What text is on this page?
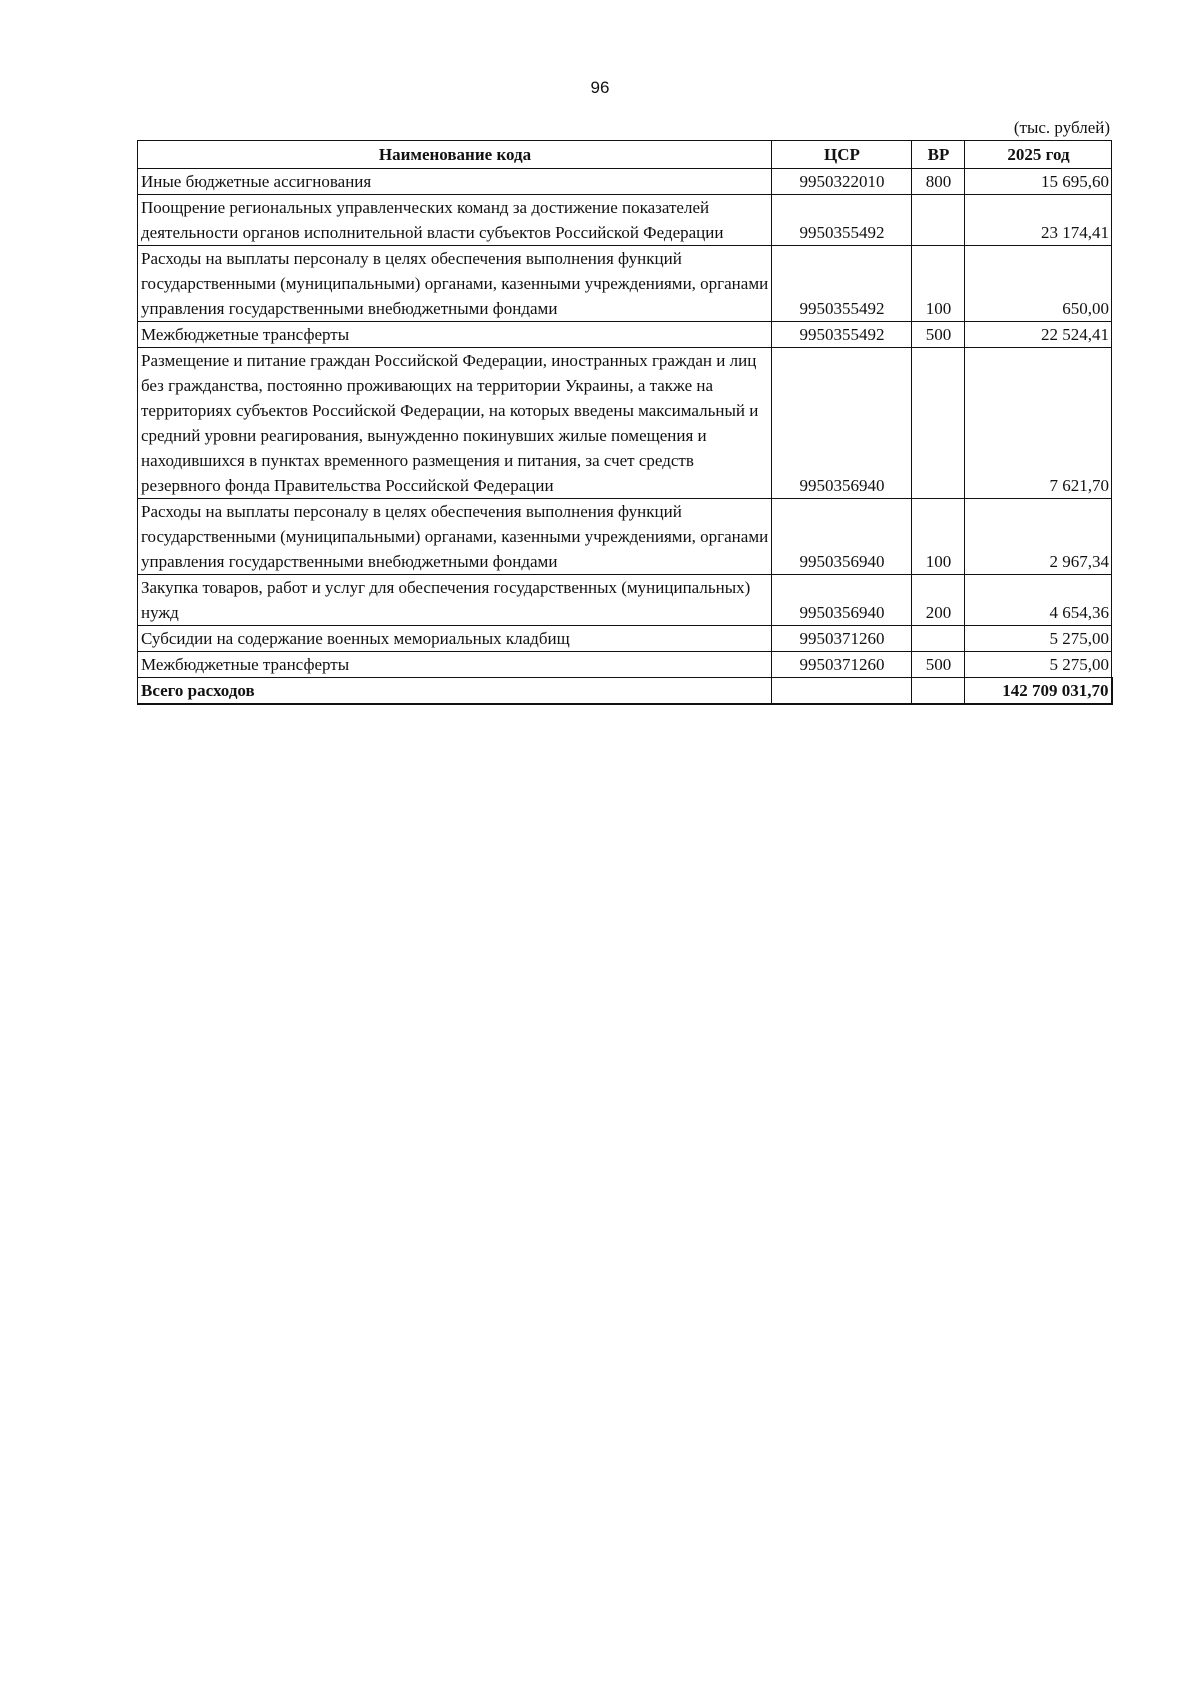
96
(тыс. рублей)
Наименование кода	ЦСР	ВР	2025 год
Иные бюджетные ассигнования	9950322010	800	15 695,60
Поощрение региональных управленческих команд за достижение показателей деятельности органов исполнительной власти субъектов Российской Федерации	9950355492		23 174,41
Расходы на выплаты персоналу в целях обеспечения выполнения функций государственными (муниципальными) органами, казенными учреждениями, органами управления государственными внебюджетными фондами	9950355492	100	650,00
Межбюджетные трансферты	9950355492	500	22 524,41
Размещение и питание граждан Российской Федерации, иностранных граждан и лиц без гражданства, постоянно проживающих на территории Украины, а также на территориях субъектов Российской Федерации, на которых введены максимальный и средний уровни реагирования, вынужденно покинувших жилые помещения и находившихся в пунктах временного размещения и питания, за счет средств резервного фонда Правительства Российской Федерации	9950356940		7 621,70
Расходы на выплаты персоналу в целях обеспечения выполнения функций государственными (муниципальными) органами, казенными учреждениями, органами управления государственными внебюджетными фондами	9950356940	100	2 967,34
Закупка товаров, работ и услуг для обеспечения государственных (муниципальных) нужд	9950356940	200	4 654,36
Субсидии на содержание военных мемориальных кладбищ	9950371260		5 275,00
Межбюджетные трансферты	9950371260	500	5 275,00
Всего расходов			142 709 031,70
